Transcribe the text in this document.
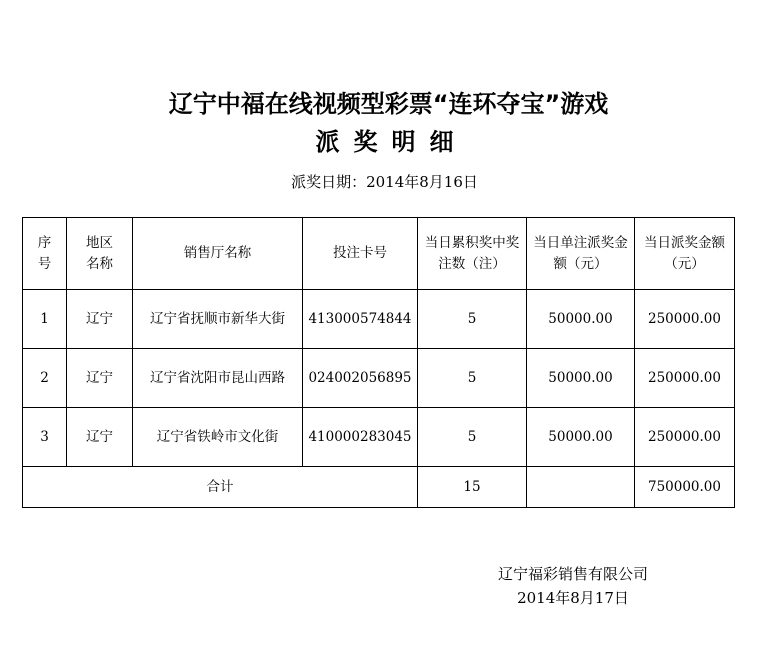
辽宁中福在线视频型彩票“连环夺宝”游戏
派奖明细
派奖日期：2014年8月16日
序号	地区名称	销售厅名称	投注卡号	当日累积奖中奖注数（注）	当日单注派奖金额（元）	当日派奖金额（元）
1	辽宁	辽宁省抚顺市新华大街	413000574844	5	50000.00	250000.00
2	辽宁	辽宁省沈阳市昆山西路	024002056895	5	50000.00	250000.00
3	辽宁	辽宁省铁岭市文化街	410000283045	5	50000.00	250000.00
合计				15		750000.00
辽宁福彩销售有限公司
2014年8月17日
